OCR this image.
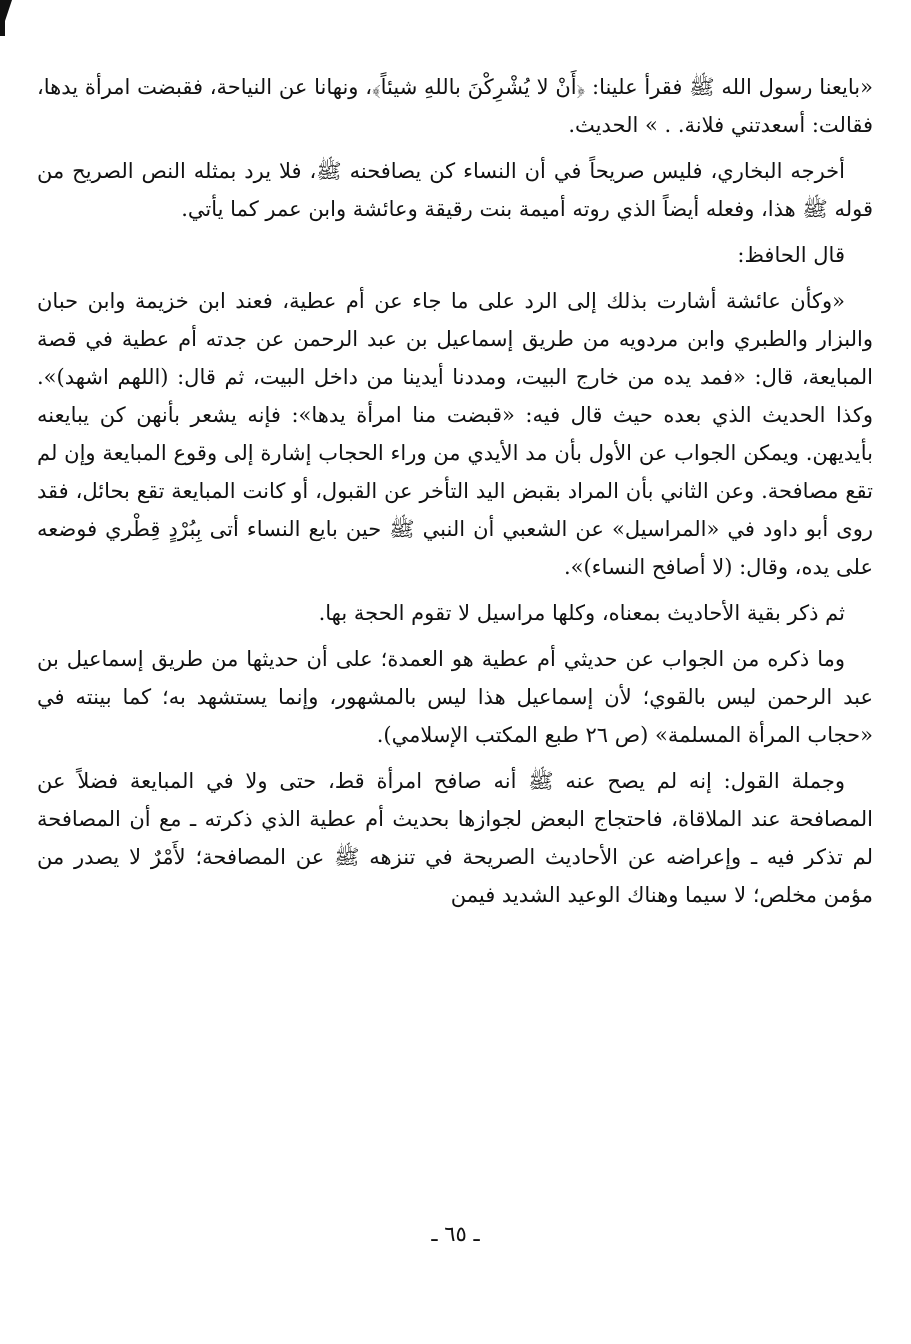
«بايعنا رسول الله ﷺ فقرأ علينا: ﴿أَنْ لا يُشْرِكْنَ باللهِ شيئاً﴾، ونهانا عن النياحة، فقبضت امرأة يدها، فقالت: أسعدتني فلانة. . » الحديث.

أخرجه البخاري، فليس صريحاً في أن النساء كن يصافحنه ﷺ، فلا يرد بمثله النص الصريح من قوله ﷺ هذا، وفعله أيضاً الذي روته أميمة بنت رقيقة وعائشة وابن عمر كما يأتي.

قال الحافظ:

«وكأن عائشة أشارت بذلك إلى الرد على ما جاء عن أم عطية، فعند ابن خزيمة وابن حبان والبزار والطبري وابن مردويه من طريق إسماعيل بن عبد الرحمن عن جدته أم عطية في قصة المبايعة، قال: «فمد يده من خارج البيت، ومددنا أيدينا من داخل البيت، ثم قال: (اللهم اشهد)». وكذا الحديث الذي بعده حيث قال فيه: «قبضت منا امرأة يدها»: فإنه يشعر بأنهن كن يبايعنه بأيديهن. ويمكن الجواب عن الأول بأن مد الأيدي من وراء الحجاب إشارة إلى وقوع المبايعة وإن لم تقع مصافحة. وعن الثاني بأن المراد بقبض اليد التأخر عن القبول، أو كانت المبايعة تقع بحائل، فقد روى أبو داود في «المراسيل» عن الشعبي أن النبي ﷺ حين بايع النساء أتى بِبُرْدٍ قِطْري فوضعه على يده، وقال: (لا أصافح النساء)».

ثم ذكر بقية الأحاديث بمعناه، وكلها مراسيل لا تقوم الحجة بها.

وما ذكره من الجواب عن حديثي أم عطية هو العمدة؛ على أن حديثها من طريق إسماعيل بن عبد الرحمن ليس بالقوي؛ لأن إسماعيل هذا ليس بالمشهور، وإنما يستشهد به؛ كما بينته في «حجاب المرأة المسلمة» (ص ٢٦ طبع المكتب الإسلامي).

وجملة القول: إنه لم يصح عنه ﷺ أنه صافح امرأة قط، حتى ولا في المبايعة فضلاً عن المصافحة عند الملاقاة، فاحتجاج البعض لجوازها بحديث أم عطية الذي ذكرته ـ مع أن المصافحة لم تذكر فيه ـ وإعراضه عن الأحاديث الصريحة في تنزهه ﷺ عن المصافحة؛ لأَمْرٌ لا يصدر من مؤمن مخلص؛ لا سيما وهناك الوعيد الشديد فيمن

ـ ٦٥ ـ
